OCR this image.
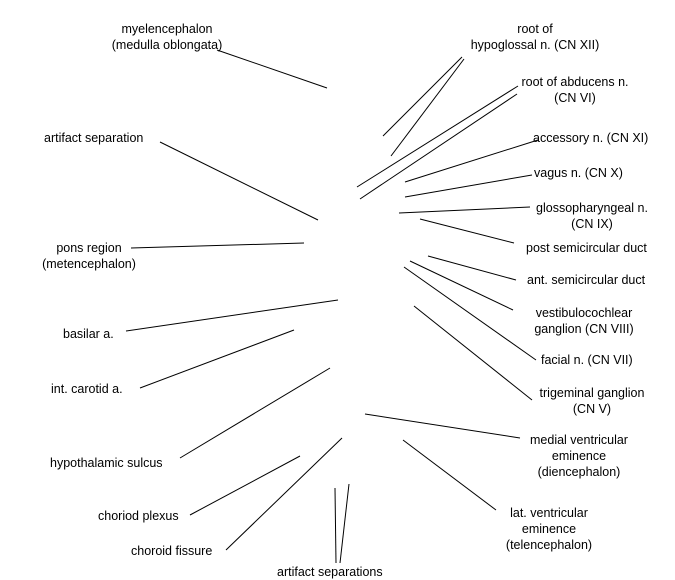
myelencephalon
(medulla oblongata)
artifact separation
pons region
(metencephalon)
basilar a.
int. carotid a.
hypothalamic sulcus
choriod plexus
choroid fissure
artifact separations
root of
hypoglossal n. (CN XII)
root of abducens n.
(CN VI)
accessory n. (CN XI)
vagus n. (CN X)
glossopharyngeal n.
(CN IX)
post semicircular duct
ant. semicircular duct
vestibulocochlear
ganglion (CN VIII)
facial n. (CN VII)
trigeminal ganglion
(CN V)
medial ventricular
eminence
(diencephalon)
lat. ventricular
eminence
(telencephalon)
